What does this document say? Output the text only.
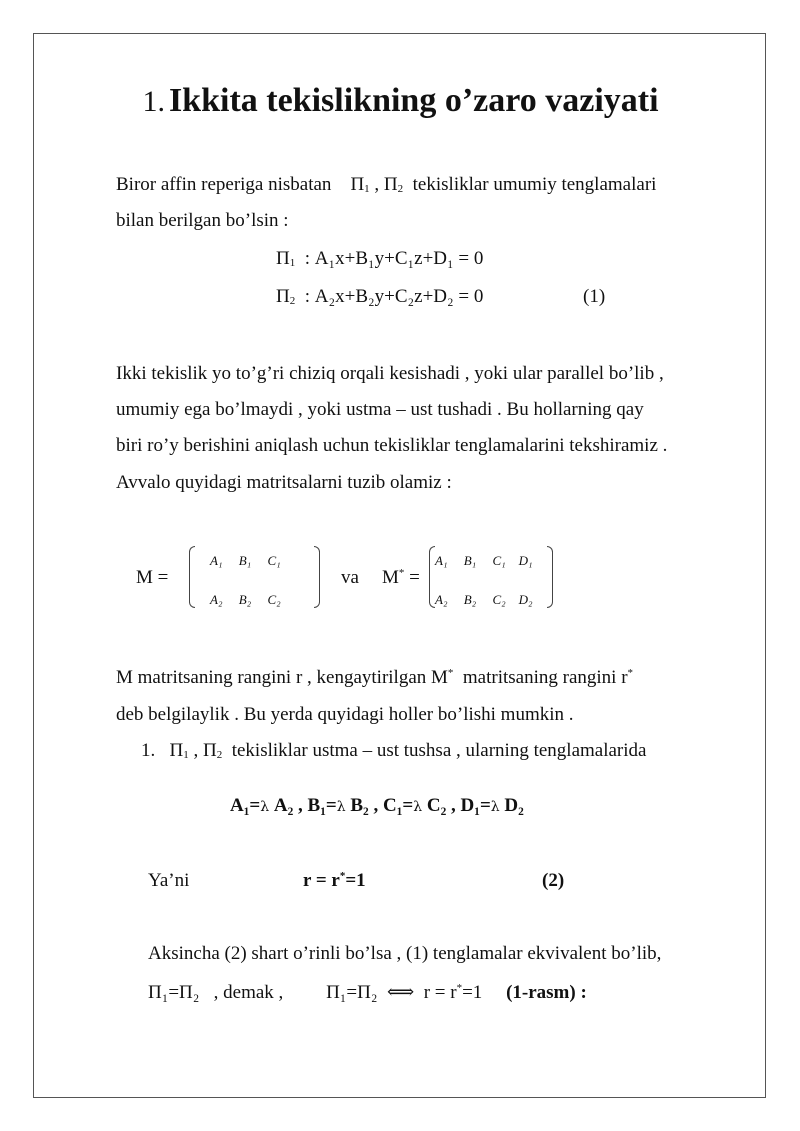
1. Ikkita tekislikning o’zaro vaziyati
Biror affin reperiga nisbatan $\Pi_1$ , $\Pi_2$ tekisliklar umumiy tenglamalari
bilan berilgan bo’lsin :
$\Pi_1$ : A₁x+B₁y+C₁z+D₁ = 0
$\Pi_2$ : A₂x+B₂y+C₂z+D₂ = 0	(1)
Ikki tekislik yo to’g’ri chiziq orqali kesishadi , yoki ular parallel bo’lib ,
umumiy ega bo’lmaydi , yoki ustma – ust tushadi . Bu hollarning qay
biri ro’y berishini aniqlash uchun tekisliklar tenglamalarini tekshiramiz .
Avvalo quyidagi matritsalarni tuzib olamiz :
M =
A₁ B₁ C₁
A₂ B₂ C₂
va M* =
A₁ B₁ C₁ D₁
A₂ B₂ C₂ D₂
M matritsaning rangini r , kengaytirilgan M* matritsaning rangini r*
deb belgilaylik . Bu yerda quyidagi holler bo’lishi mumkin .
1. $\Pi_1$ , $\Pi_2$ tekisliklar ustma – ust tushsa , ularning tenglamalarida
A₁=λ A₂ , B₁=λ B₂ , C₁=λ C₂ , D₁=λ D₂
Ya’ni	r = r*=1	(2)
Aksincha (2) shart o’rinli bo’lsa , (1) tenglamalar ekvivalent bo’lib,
Π₁=Π₂ , demak , Π₁=Π₂ ⟺ r = r*=1 (1-rasm) :
